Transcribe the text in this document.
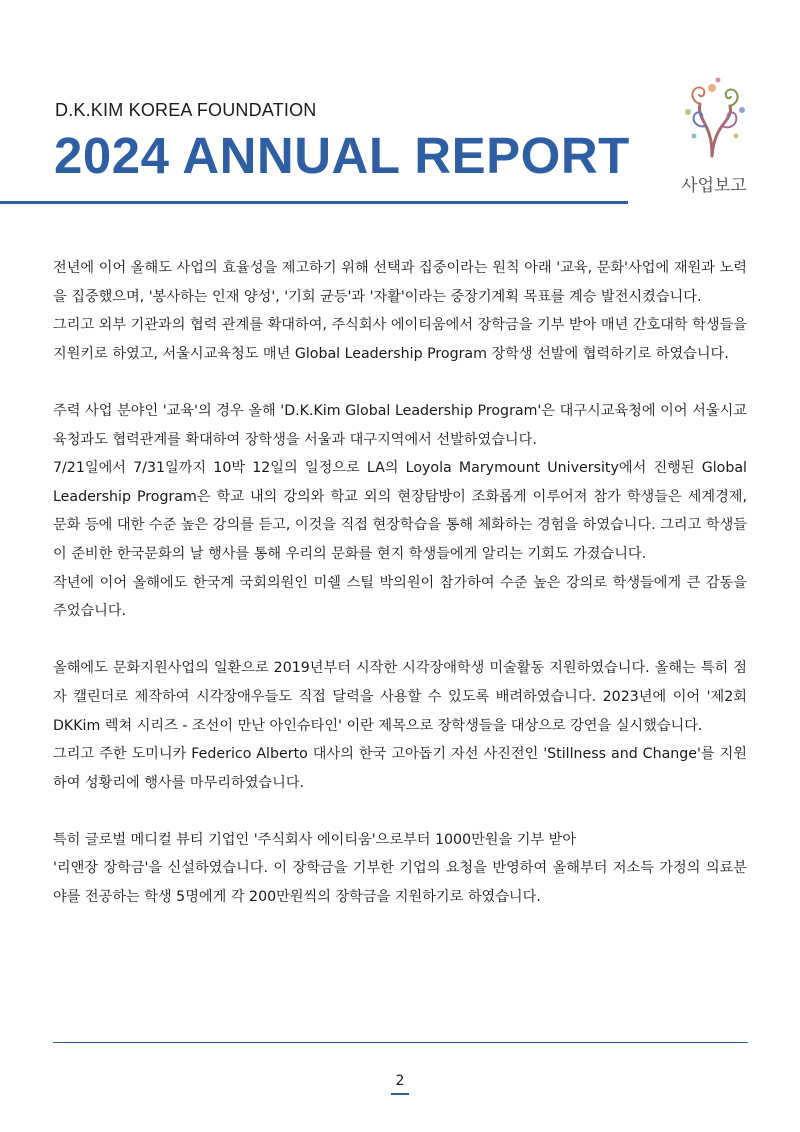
D.K.KIM KOREA FOUNDATION
2024 ANNUAL REPORT
사업보고

전년에 이어 올해도 사업의 효율성을 제고하기 위해 선택과 집중이라는 원칙 아래 '교육, 문화'사업에 재원과 노력을 집중했으며, '봉사하는 인재 양성', '기회 균등'과 '자활'이라는 중장기계획 목표를 계승 발전시켰습니다.

그리고 외부 기관과의 협력 관계를 확대하여, 주식회사 에이티움에서 장학금을 기부 받아 매년 간호대학 학생들을 지원키로 하였고, 서울시교육청도 매년 Global Leadership Program 장학생 선발에 협력하기로 하였습니다.

주력 사업 분야인 '교육'의 경우 올해 'D.K.Kim Global Leadership Program'은 대구시교육청에 이어 서울시교육청과도 협력관계를 확대하여 장학생을 서울과 대구지역에서 선발하였습니다.

7/21일에서 7/31일까지 10박 12일의 일정으로 LA의 Loyola Marymount University에서 진행된 Global Leadership Program은 학교 내의 강의와 학교 외의 현장탐방이 조화롭게 이루어져 참가 학생들은 세계경제, 문화 등에 대한 수준 높은 강의를 듣고, 이것을 직접 현장학습을 통해 체화하는 경험을 하였습니다. 그리고 학생들이 준비한 한국문화의 날 행사를 통해 우리의 문화를 현지 학생들에게 알리는 기회도 가졌습니다.

작년에 이어 올해에도 한국계 국회의원인 미쉘 스틸 박의원이 참가하여 수준 높은 강의로 학생들에게 큰 감동을 주었습니다.

올해에도 문화지원사업의 일환으로 2019년부터 시작한 시각장애학생 미술활동 지원하였습니다. 올해는 특히 점자 캘린더로 제작하여 시각장애우들도 직접 달력을 사용할 수 있도록 배려하였습니다. 2023년에 이어 '제2회 DKKim 렉쳐 시리즈 - 조선이 만난 아인슈타인' 이란 제목으로 장학생들을 대상으로 강연을 실시했습니다.

그리고 주한 도미니카 Federico Alberto 대사의 한국 고아돕기 자선 사진전인 'Stillness and Change'를 지원하여 성황리에 행사를 마무리하였습니다.

특히 글로벌 메디컬 뷰티 기업인 '주식회사 에이티움'으로부터 1000만원을 기부 받아

'리앤장 장학금'을 신설하였습니다. 이 장학금을 기부한 기업의 요청을 반영하여 올해부터 저소득 가정의 의료분야를 전공하는 학생 5명에게 각 200만원씩의 장학금을 지원하기로 하였습니다.

2
